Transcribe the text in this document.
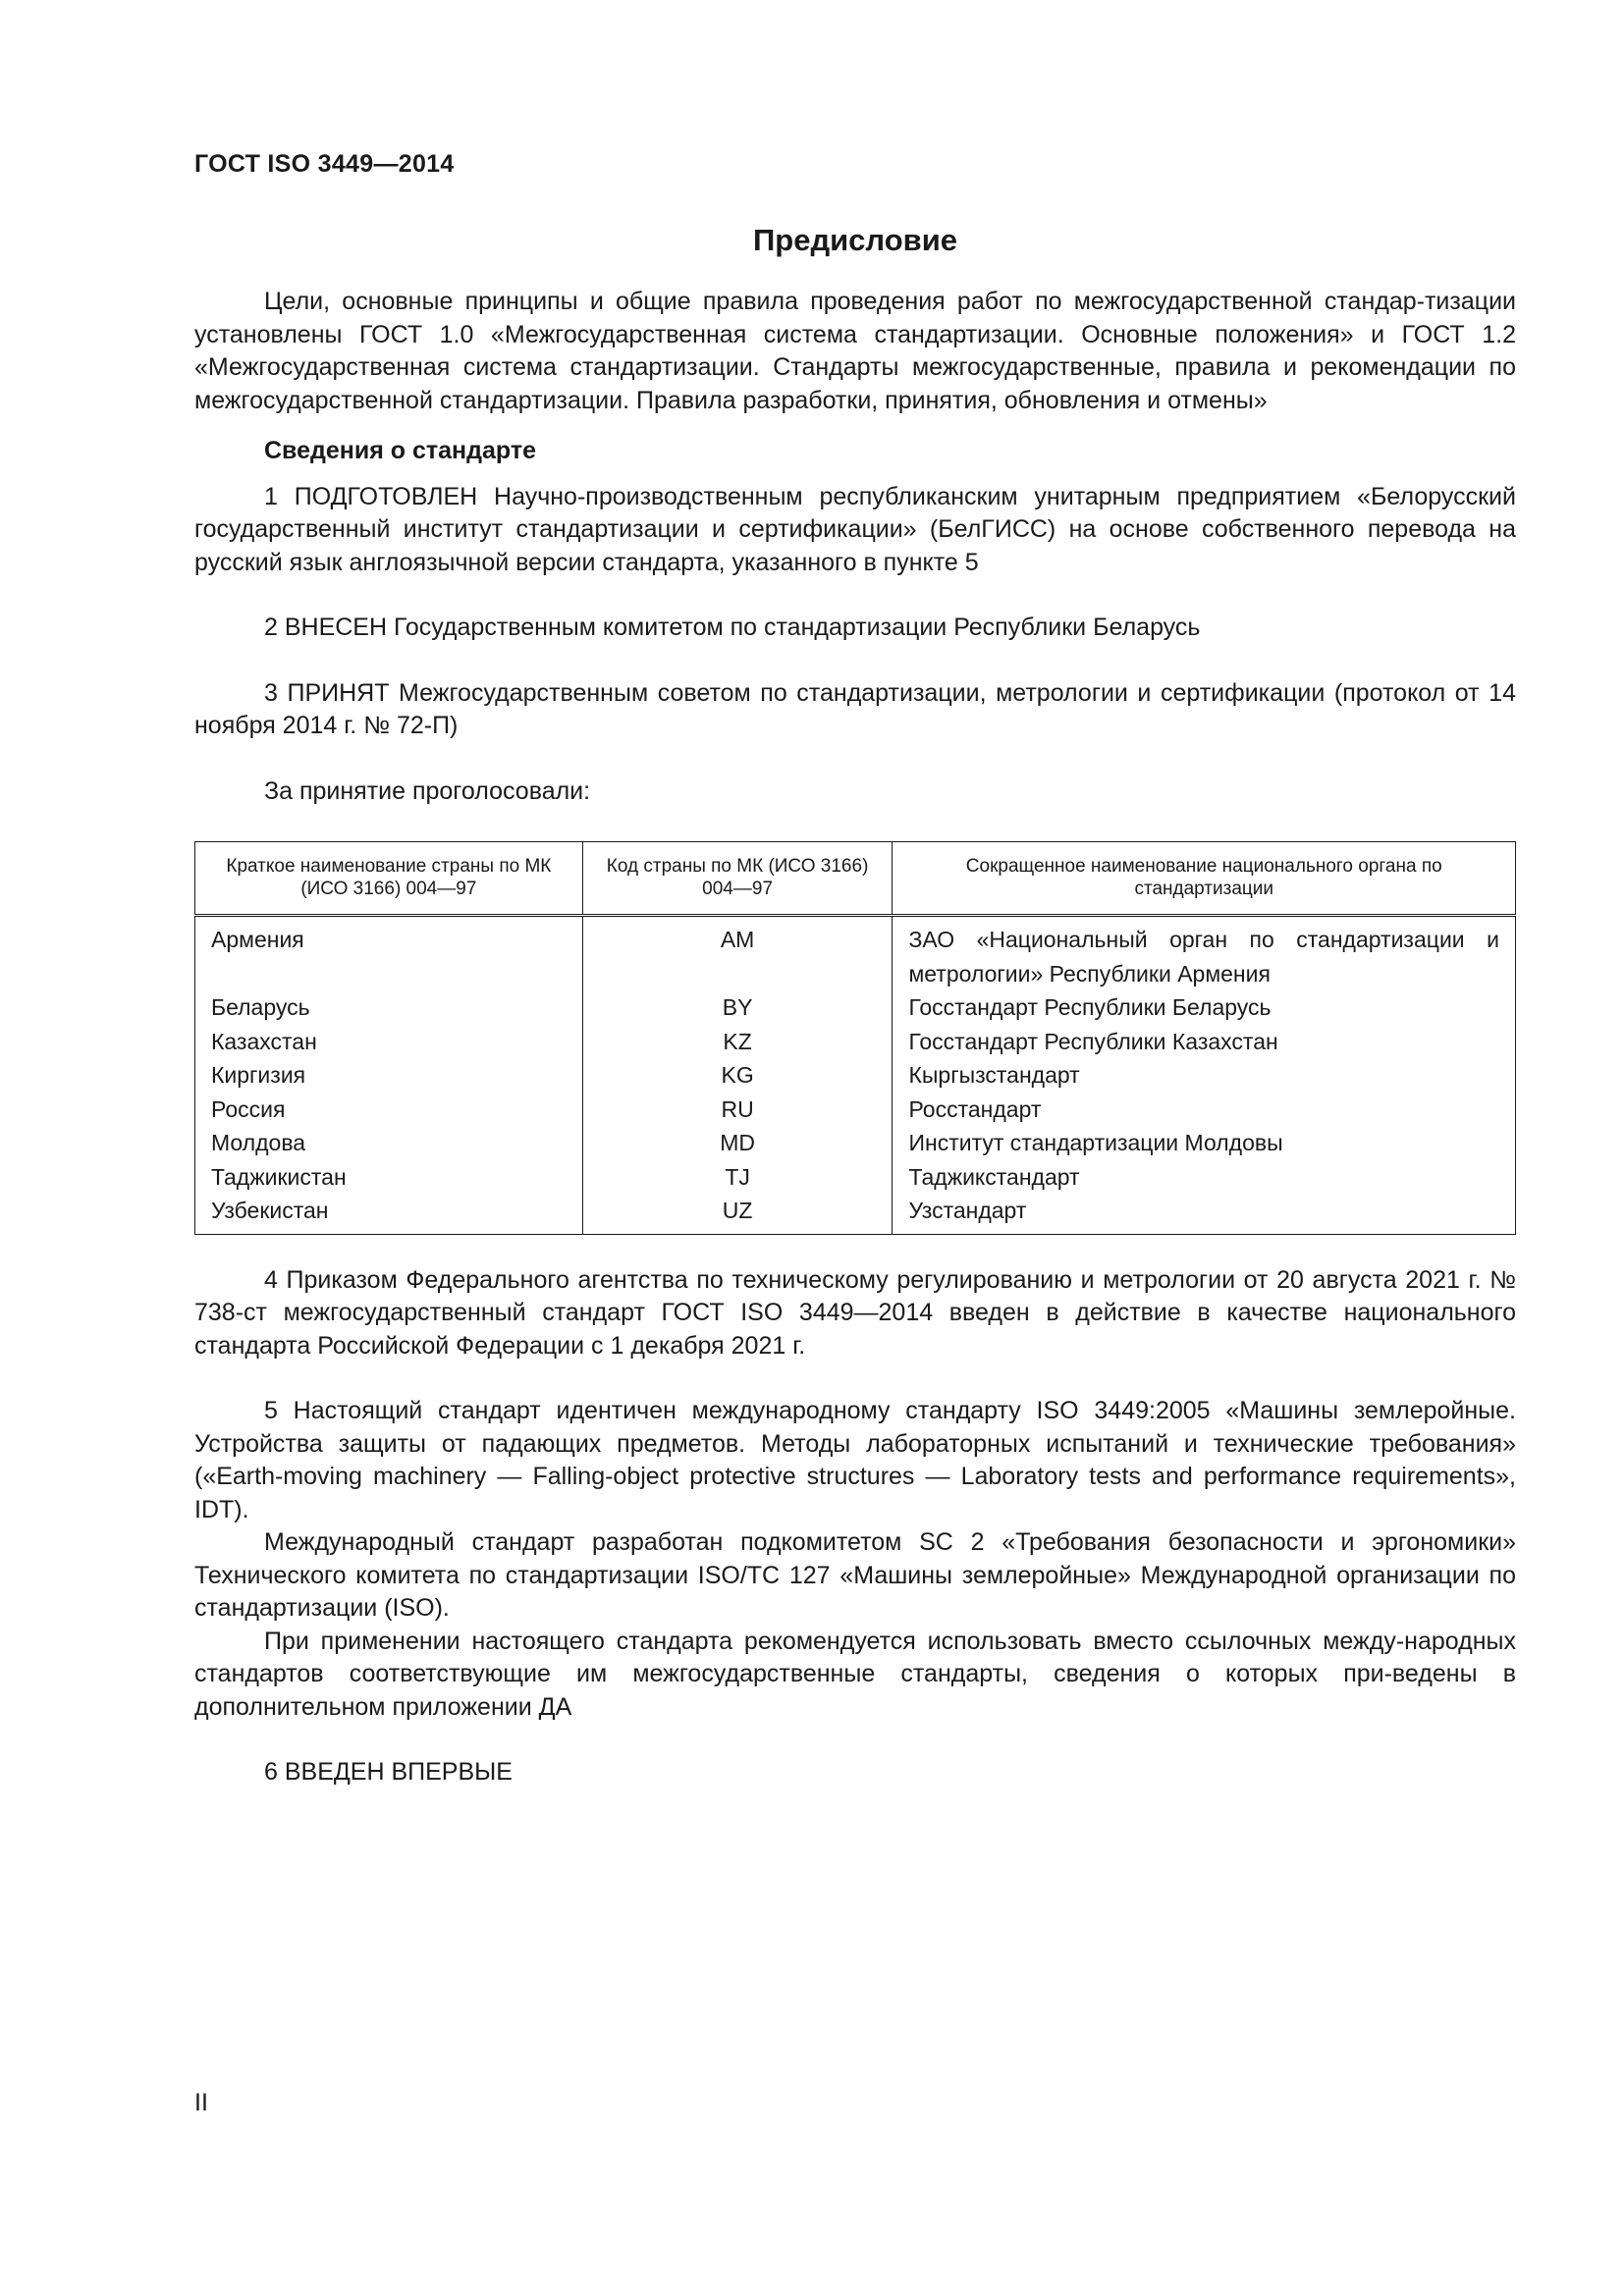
ГОСТ ISO 3449—2014
Предисловие

Цели, основные принципы и общие правила проведения работ по межгосударственной стандар-тизации установлены ГОСТ 1.0 «Межгосударственная система стандартизации. Основные положения» и ГОСТ 1.2 «Межгосударственная система стандартизации. Стандарты межгосударственные, правила и рекомендации по межгосударственной стандартизации. Правила разработки, принятия, обновления и отмены»

Сведения о стандарте

1 ПОДГОТОВЛЕН Научно-производственным республиканским унитарным предприятием «Белорусский государственный институт стандартизации и сертификации» (БелГИСС) на основе собственного перевода на русский язык англоязычной версии стандарта, указанного в пункте 5

2 ВНЕСЕН Государственным комитетом по стандартизации Республики Беларусь

3 ПРИНЯТ Межгосударственным советом по стандартизации, метрологии и сертификации (протокол от 14 ноября 2014 г. № 72-П)

За принятие проголосовали:

Краткое наименование страны по МК (ИСО 3166) 004—97	Код страны по МК (ИСО 3166) 004—97	Сокращенное наименование национального органа по стандартизации
Армения	AM	ЗАО «Национальный орган по стандартизации и метрологии» Республики Армения
Беларусь	BY	Госстандарт Республики Беларусь
Казахстан	KZ	Госстандарт Республики Казахстан
Киргизия	KG	Кыргызстандарт
Россия	RU	Росстандарт
Молдова	MD	Институт стандартизации Молдовы
Таджикистан	TJ	Таджикстандарт
Узбекистан	UZ	Узстандарт

4 Приказом Федерального агентства по техническому регулированию и метрологии от 20 августа 2021 г. № 738-ст межгосударственный стандарт ГОСТ ISO 3449—2014 введен в действие в качестве национального стандарта Российской Федерации с 1 декабря 2021 г.

5 Настоящий стандарт идентичен международному стандарту ISO 3449:2005 «Машины землеройные. Устройства защиты от падающих предметов. Методы лабораторных испытаний и технические требования» («Earth-moving machinery — Falling-object protective structures — Laboratory tests and performance requirements», IDT).

Международный стандарт разработан подкомитетом SC 2 «Требования безопасности и эргономики» Технического комитета по стандартизации ISO/TC 127 «Машины землеройные» Международной организации по стандартизации (ISO).

При применении настоящего стандарта рекомендуется использовать вместо ссылочных между-народных стандартов соответствующие им межгосударственные стандарты, сведения о которых при-ведены в дополнительном приложении ДА

6 ВВЕДЕН ВПЕРВЫЕ

II
